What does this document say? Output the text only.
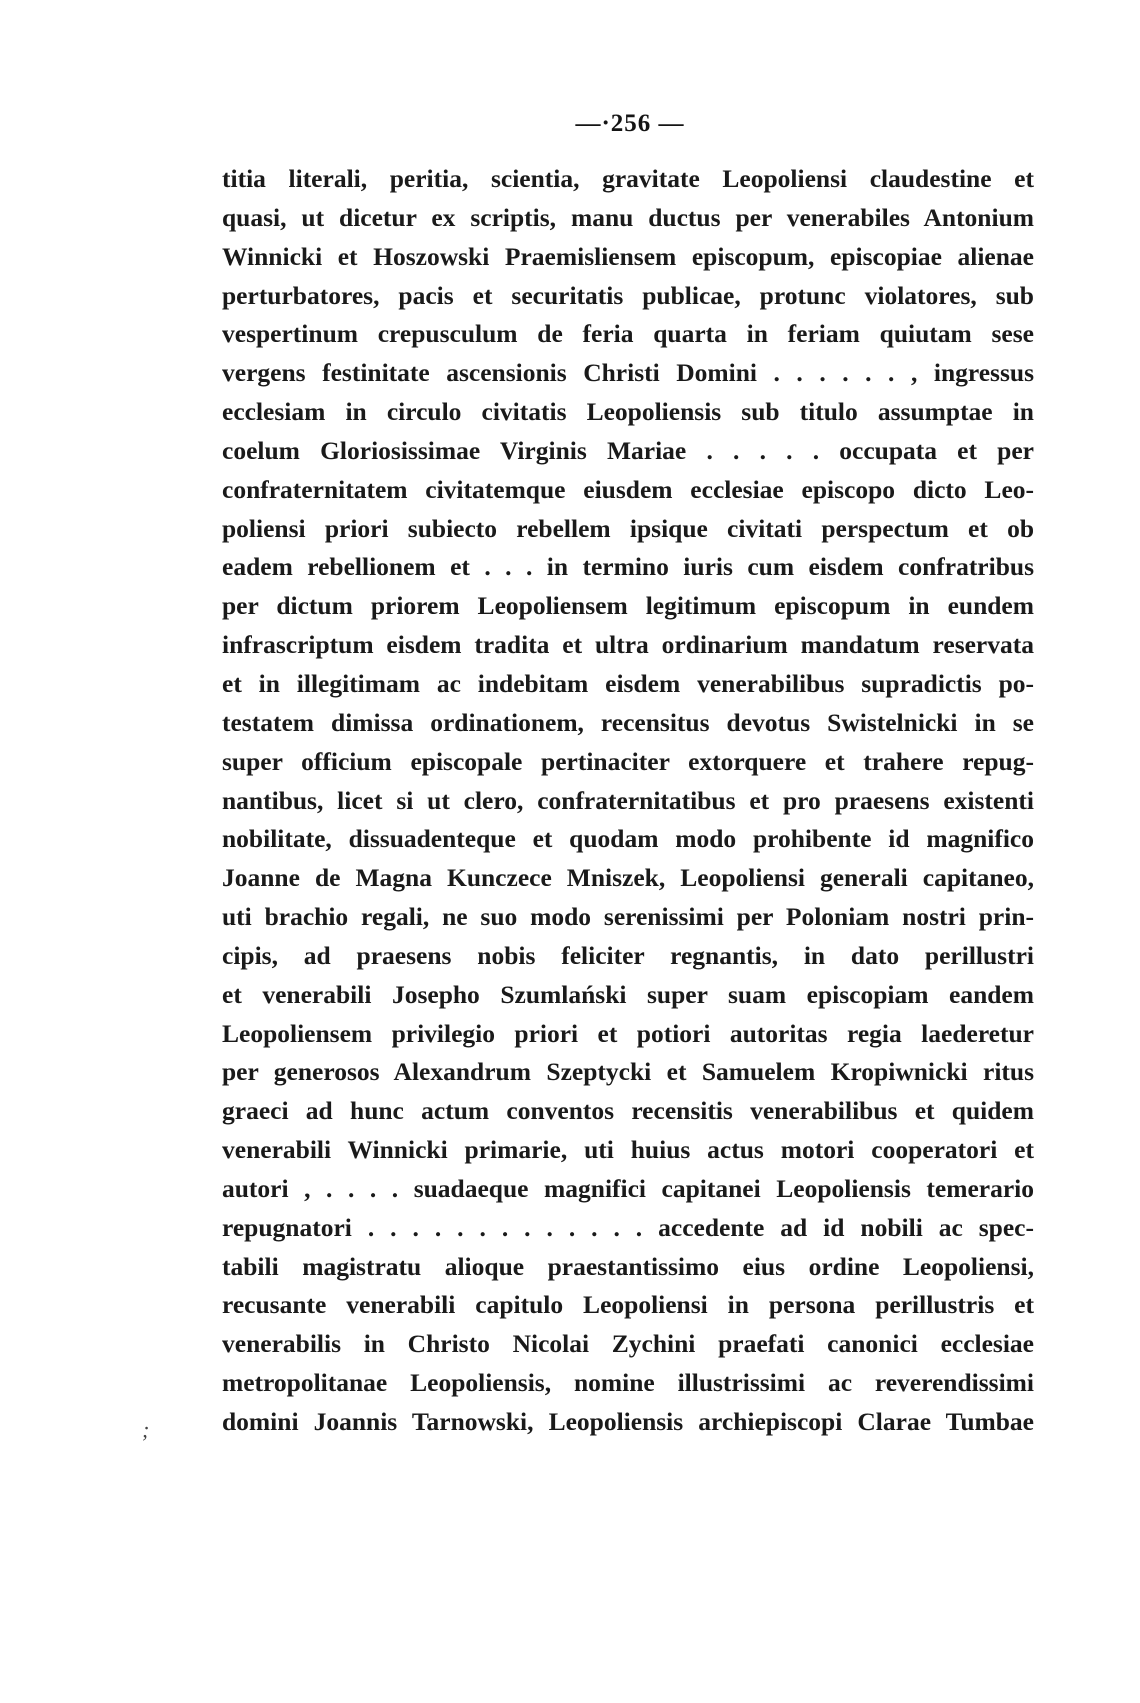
—·256 —
;
titia literali, peritia, scientia, gravitate Leopoliensi claudestine et
quasi, ut dicetur ex scriptis, manu ductus per venerabiles Antonium
Winnicki et Hoszowski Praemisliensem episcopum, episcopiae alienae
perturbatores, pacis et securitatis publicae, protunc violatores, sub
vespertinum crepusculum de feria quarta in feriam quiutam sese
vergens festinitate ascensionis Christi Domini . . . . . . , ingressus
ecclesiam in circulo civitatis Leopoliensis sub titulo assumptae in
coelum Gloriosissimae Virginis Mariae . . . . . occupata et per
confraternitatem civitatemque eiusdem ecclesiae episcopo dicto Leo-
poliensi priori subiecto rebellem ipsique civitati perspectum et ob
eadem rebellionem et . . . in termino iuris cum eisdem confratribus
per dictum priorem Leopoliensem legitimum episcopum in eundem
infrascriptum eisdem tradita et ultra ordinarium mandatum reservata
et in illegitimam ac indebitam eisdem venerabilibus supradictis po-
testatem dimissa ordinationem, recensitus devotus Swistelnicki in se
super officium episcopale pertinaciter extorquere et trahere repug-
nantibus, licet si ut clero, confraternitatibus et pro praesens existenti
nobilitate, dissuadenteque et quodam modo prohibente id magnifico
Joanne de Magna Kunczece Mniszek, Leopoliensi generali capitaneo,
uti brachio regali, ne suo modo serenissimi per Poloniam nostri prin-
cipis, ad praesens nobis feliciter regnantis, in dato perillustri
et venerabili Josepho Szumlański super suam episcopiam eandem
Leopoliensem privilegio priori et potiori autoritas regia laederetur
per generosos Alexandrum Szeptycki et Samuelem Kropiwnicki ritus
graeci ad hunc actum conventos recensitis venerabilibus et quidem
venerabili Winnicki primarie, uti huius actus motori cooperatori et
autori , . . . . suadaeque magnifici capitanei Leopoliensis temerario
repugnatori . . . . . . . . . . . . . accedente ad id nobili ac spec-
tabili magistratu alioque praestantissimo eius ordine Leopoliensi,
recusante venerabili capitulo Leopoliensi in persona perillustris et
venerabilis in Christo Nicolai Zychini praefati canonici ecclesiae
metropolitanae Leopoliensis, nomine illustrissimi ac reverendissimi
domini Joannis Tarnowski, Leopoliensis archiepiscopi Clarae Tumbae
